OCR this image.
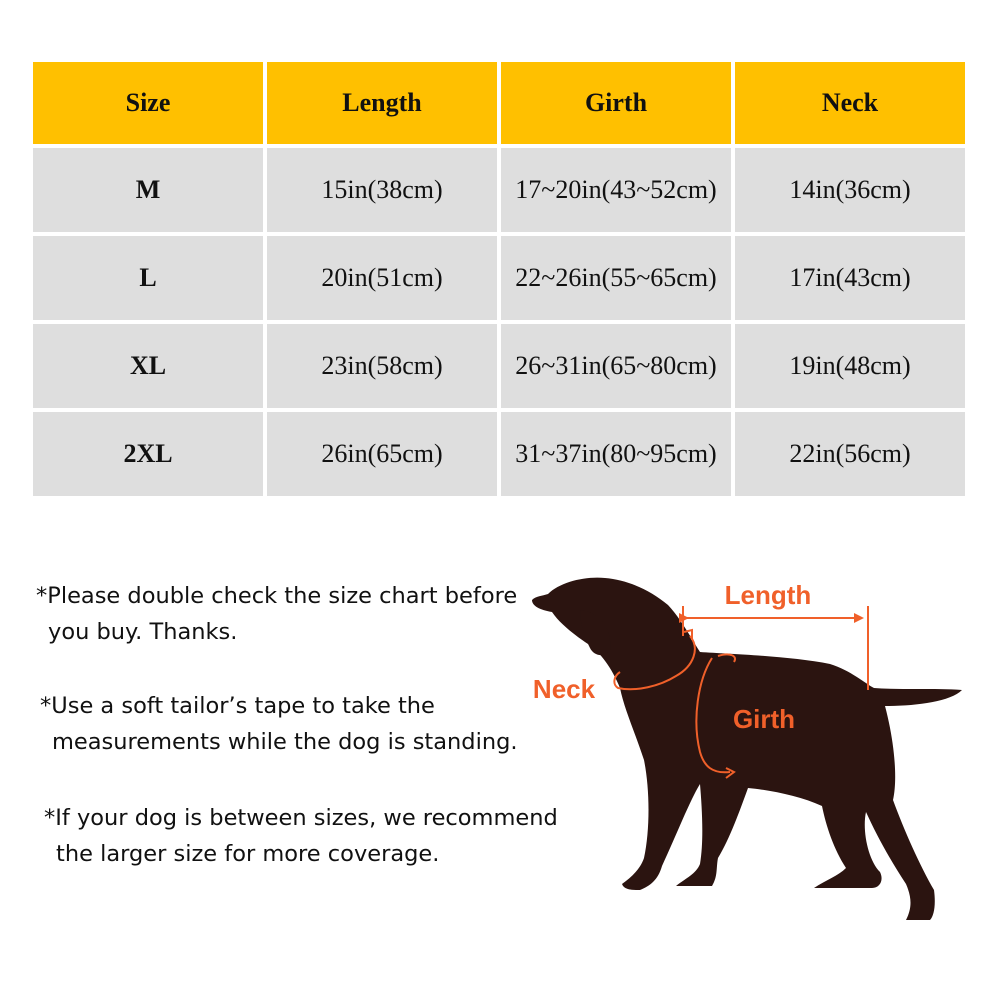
Size	Length	Girth	Neck
M	15in(38cm)	17~20in(43~52cm)	14in(36cm)
L	20in(51cm)	22~26in(55~65cm)	17in(43cm)
XL	23in(58cm)	26~31in(65~80cm)	19in(48cm)
2XL	26in(65cm)	31~37in(80~95cm)	22in(56cm)

*Please double check the size chart before
you buy. Thanks.

*Use a soft tailor’s tape to take the
measurements while the dog is standing.

*If your dog is between sizes, we recommend
the larger size for more coverage.

Length
Girth
Neck
